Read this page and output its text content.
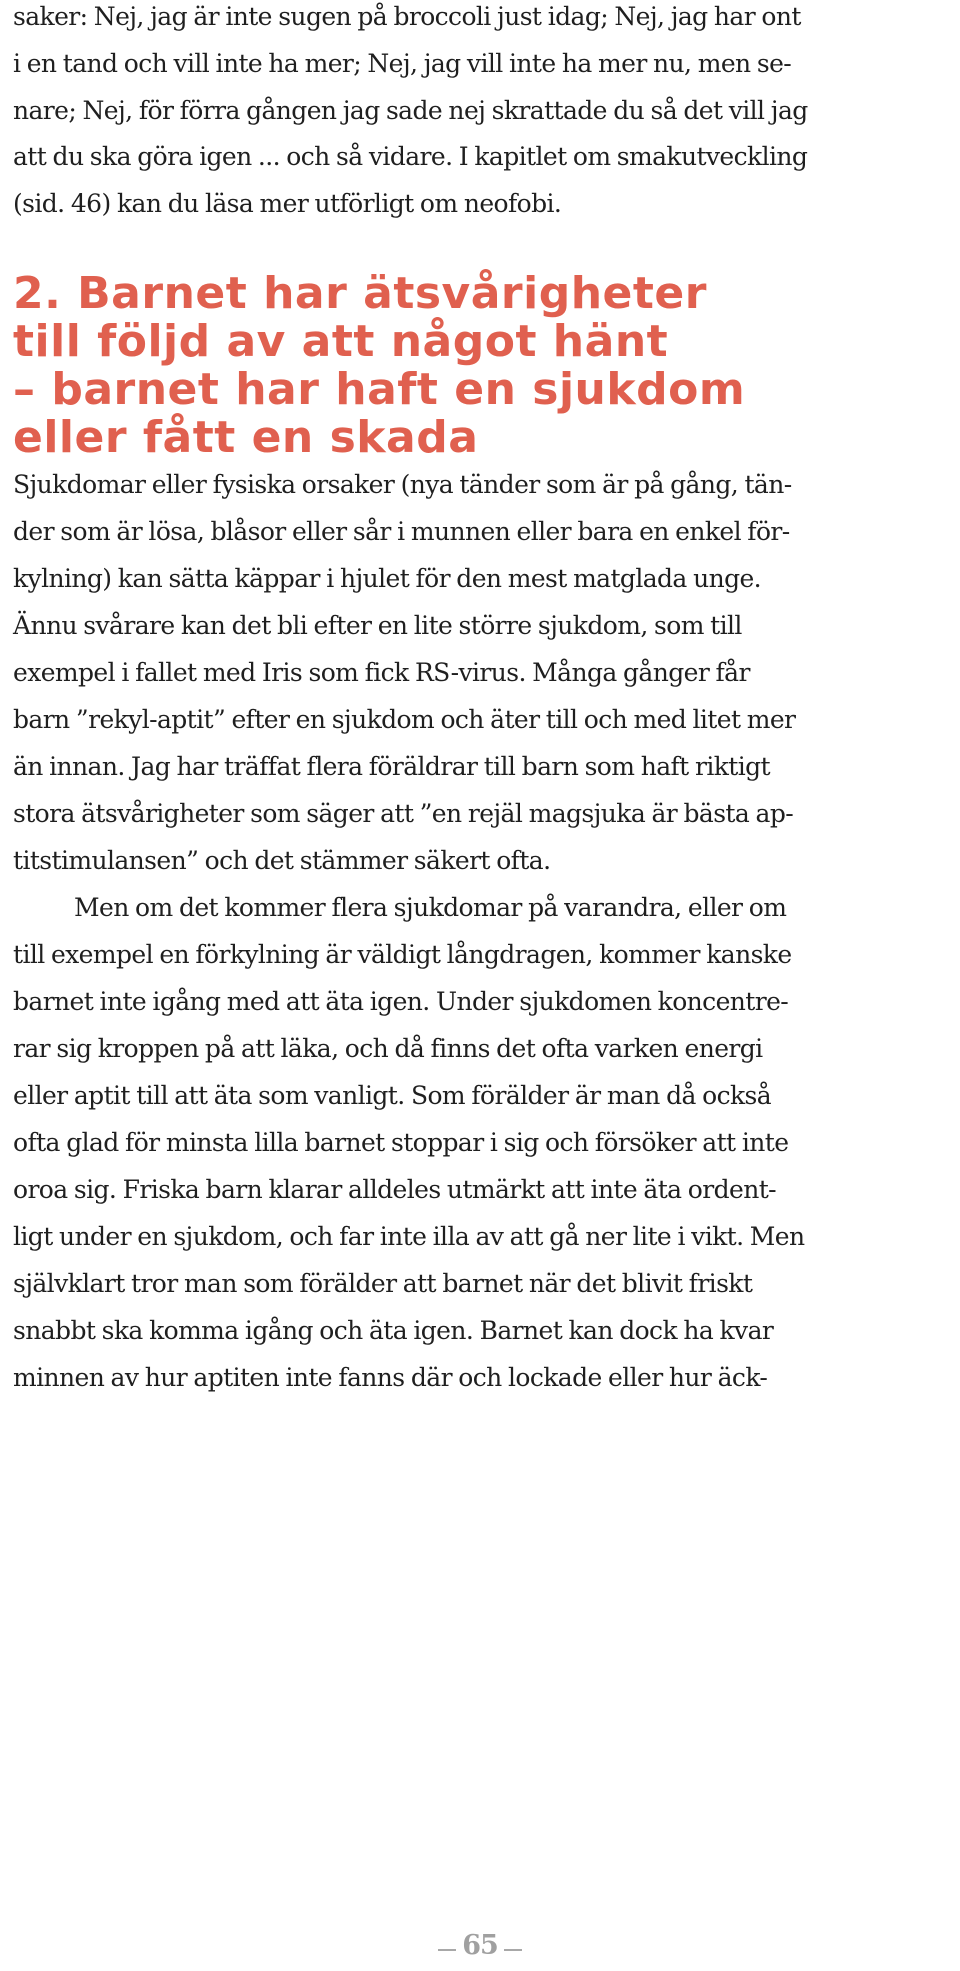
saker: Nej, jag är inte sugen på broccoli just idag; Nej, jag har ont
i en tand och vill inte ha mer; Nej, jag vill inte ha mer nu, men se-
nare; Nej, för förra gången jag sade nej skrattade du så det vill jag
att du ska göra igen ... och så vidare. I kapitlet om smakutveckling
(sid. 46) kan du läsa mer utförligt om neofobi.
2. Barnet har ätsvårigheter
till följd av att något hänt
– barnet har haft en sjukdom
eller fått en skada
Sjukdomar eller fysiska orsaker (nya tänder som är på gång, tän-
der som är lösa, blåsor eller sår i munnen eller bara en enkel för-
kylning) kan sätta käppar i hjulet för den mest matglada unge.
Ännu svårare kan det bli efter en lite större sjukdom, som till
exempel i fallet med Iris som fick RS-virus. Många gånger får
barn ”rekyl-aptit” efter en sjukdom och äter till och med litet mer
än innan. Jag har träffat flera föräldrar till barn som haft riktigt
stora ätsvårigheter som säger att ”en rejäl magsjuka är bästa ap-
titstimulansen” och det stämmer säkert ofta.
Men om det kommer flera sjukdomar på varandra, eller om
till exempel en förkylning är väldigt långdragen, kommer kanske
barnet inte igång med att äta igen. Under sjukdomen koncentre-
rar sig kroppen på att läka, och då finns det ofta varken energi
eller aptit till att äta som vanligt. Som förälder är man då också
ofta glad för minsta lilla barnet stoppar i sig och försöker att inte
oroa sig. Friska barn klarar alldeles utmärkt att inte äta ordent-
ligt under en sjukdom, och far inte illa av att gå ner lite i vikt. Men
självklart tror man som förälder att barnet när det blivit friskt
snabbt ska komma igång och äta igen. Barnet kan dock ha kvar
minnen av hur aptiten inte fanns där och lockade eller hur äck-
65
